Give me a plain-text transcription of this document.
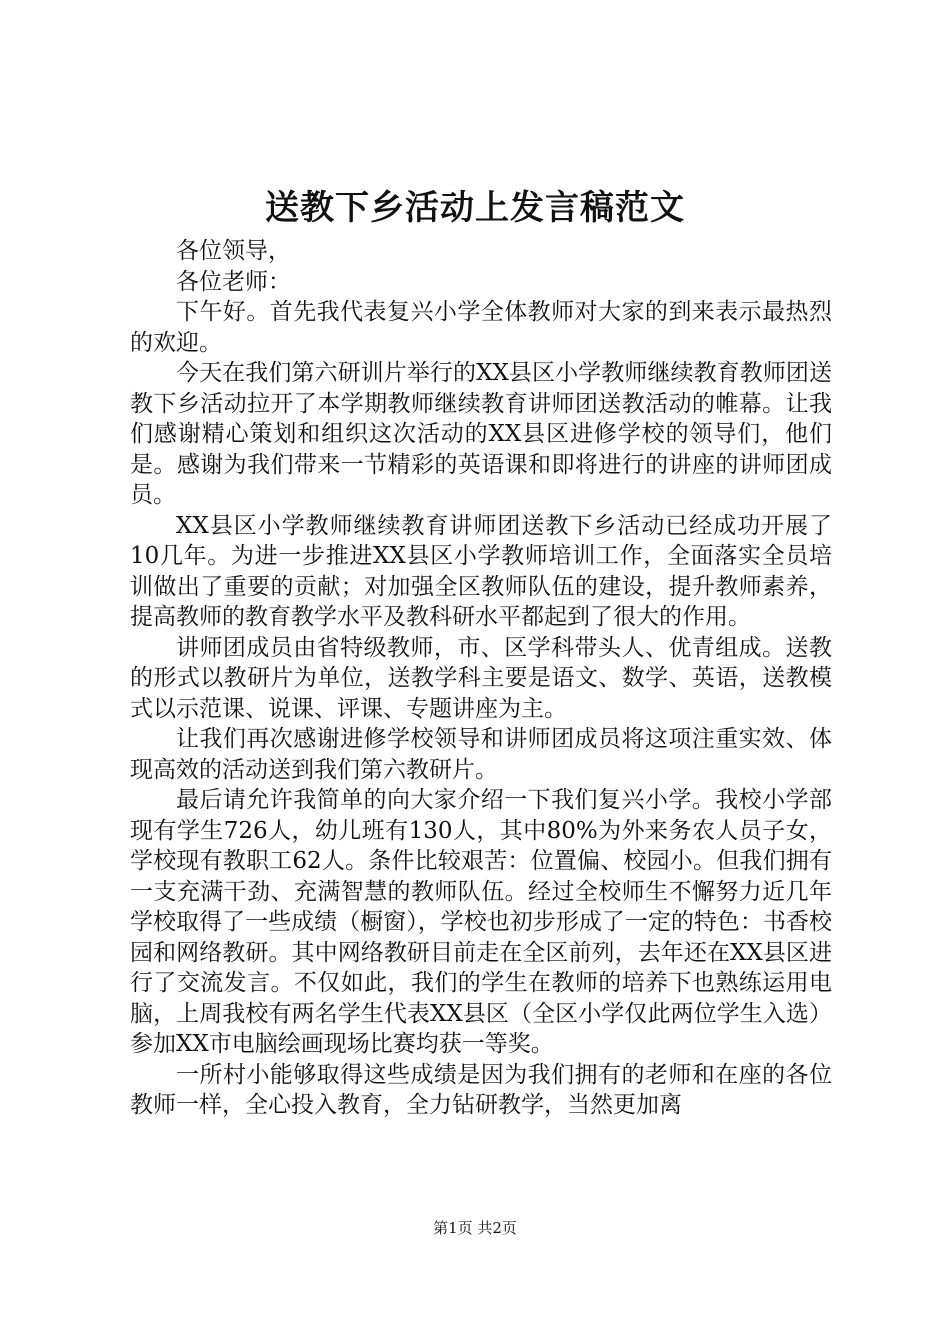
送教下乡活动上发言稿范文

各位领导，

各位老师：

下午好。首先我代表复兴小学全体教师对大家的到来表示最热烈的欢迎。

今天在我们第六研训片举行的XX县区小学教师继续教育教师团送教下乡活动拉开了本学期教师继续教育讲师团送教活动的帷幕。让我们感谢精心策划和组织这次活动的XX县区进修学校的领导们，他们是。感谢为我们带来一节精彩的英语课和即将进行的讲座的讲师团成员。

XX县区小学教师继续教育讲师团送教下乡活动已经成功开展了10几年。为进一步推进XX县区小学教师培训工作，全面落实全员培训做出了重要的贡献；对加强全区教师队伍的建设，提升教师素养，提高教师的教育教学水平及教科研水平都起到了很大的作用。

讲师团成员由省特级教师，市、区学科带头人、优青组成。送教的形式以教研片为单位，送教学科主要是语文、数学、英语，送教模式以示范课、说课、评课、专题讲座为主。

让我们再次感谢进修学校领导和讲师团成员将这项注重实效、体现高效的活动送到我们第六教研片。

最后请允许我简单的向大家介绍一下我们复兴小学。我校小学部现有学生726人，幼儿班有130人，其中80%为外来务农人员子女，学校现有教职工62人。条件比较艰苦：位置偏、校园小。但我们拥有一支充满干劲、充满智慧的教师队伍。经过全校师生不懈努力近几年学校取得了一些成绩（橱窗），学校也初步形成了一定的特色：书香校园和网络教研。其中网络教研目前走在全区前列，去年还在XX县区进行了交流发言。不仅如此，我们的学生在教师的培养下也熟练运用电脑，上周我校有两名学生代表XX县区（全区小学仅此两位学生入选）参加XX市电脑绘画现场比赛均获一等奖。

一所村小能够取得这些成绩是因为我们拥有的老师和在座的各位教师一样，全心投入教育，全力钻研教学，当然更加离

第1页 共2页
